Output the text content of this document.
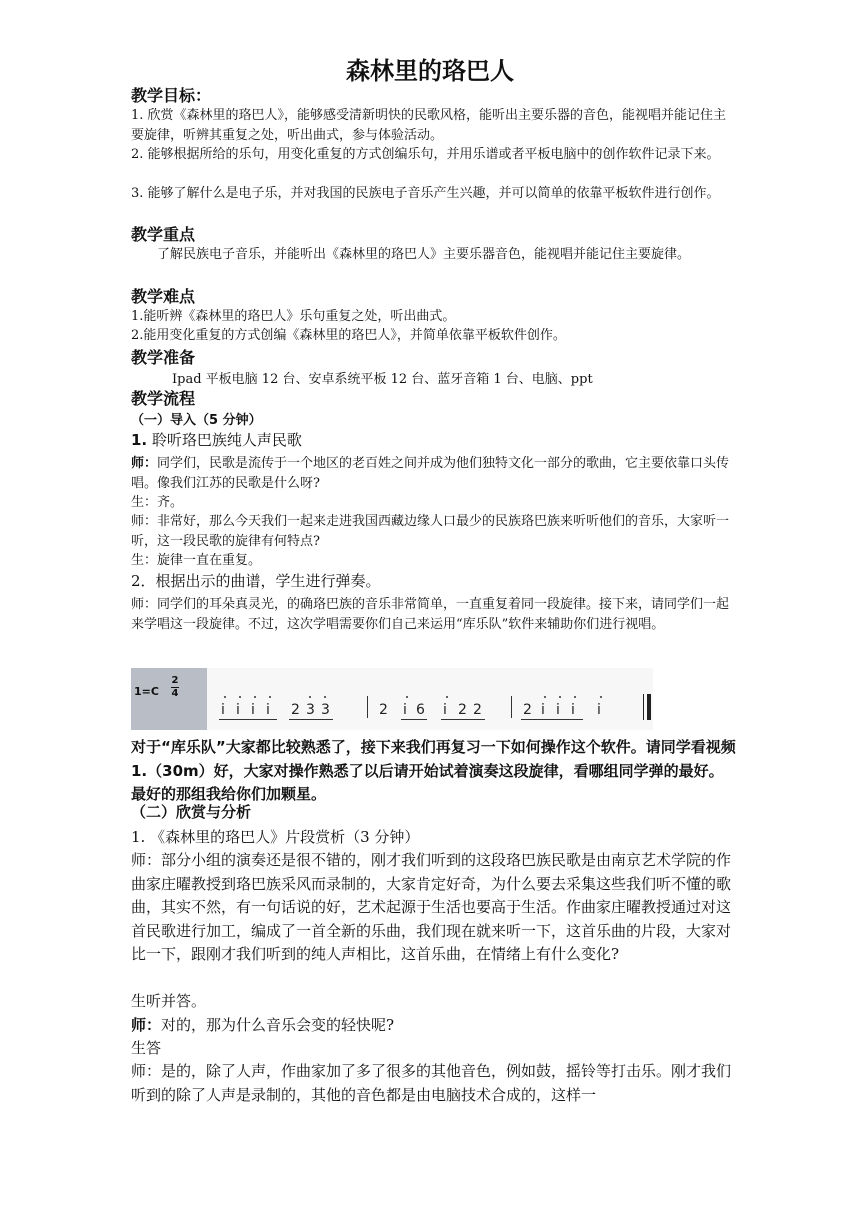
森林里的珞巴人
教学目标：

1. 欣赏《森林里的珞巴人》，能够感受清新明快的民歌风格，能听出主要乐器的音色，能视唱并能记住主要旋律，听辨其重复之处，听出曲式，参与体验活动。

2. 能够根据所给的乐句，用变化重复的方式创编乐句，并用乐谱或者平板电脑中的创作软件记录下来。

3. 能够了解什么是电子乐，并对我国的民族电子音乐产生兴趣，并可以简单的依靠平板软件进行创作。

教学重点

了解民族电子音乐，并能听出《森林里的珞巴人》主要乐器音色，能视唱并能记住主要旋律。

教学难点

1.能听辨《森林里的珞巴人》乐句重复之处，听出曲式。

2.能用变化重复的方式创编《森林里的珞巴人》，并简单依靠平板软件创作。

教学准备

Ipad 平板电脑 12 台、安卓系统平板 12 台、蓝牙音箱 1 台、电脑、ppt

教学流程

（一）导入（5 分钟）

1. 聆听珞巴族纯人声民歌

师：同学们，民歌是流传于一个地区的老百姓之间并成为他们独特文化一部分的歌曲，它主要依靠口头传唱。像我们江苏的民歌是什么呀?

生：齐。

师：非常好，那么今天我们一起来走进我国西藏边缘人口最少的民族珞巴族来听听他们的音乐，大家听一听，这一段民歌的旋律有何特点?

生：旋律一直在重复。

2．根据出示的曲谱，学生进行弹奏。

师：同学们的耳朵真灵光，的确珞巴族的音乐非常简单，一直重复着同一段旋律。接下来，请同学们一起来学唱这一段旋律。不过，这次学唱需要你们自己来运用“库乐队”软件来辅助你们进行视唱。

1=C
2
4
i i i i 2 3 3	2 i 6 i 2 2	2 i i i i

对于“库乐队”大家都比较熟悉了，接下来我们再复习一下如何操作这个软件。请同学看视频 1.（30m）好，大家对操作熟悉了以后请开始试着演奏这段旋律，看哪组同学弹的最好。最好的那组我给你们加颗星。

（二）欣赏与分析

1. 《森林里的珞巴人》片段赏析（3 分钟）

师：部分小组的演奏还是很不错的，刚才我们听到的这段珞巴族民歌是由南京艺术学院的作曲家庄曜教授到珞巴族采风而录制的，大家肯定好奇，为什么要去采集这些我们听不懂的歌曲，其实不然，有一句话说的好，艺术起源于生活也要高于生活。作曲家庄曜教授通过对这首民歌进行加工，编成了一首全新的乐曲，我们现在就来听一下，这首乐曲的片段，大家对比一下，跟刚才我们听到的纯人声相比，这首乐曲，在情绪上有什么变化?

生听并答。

师：对的，那为什么音乐会变的轻快呢?

生答

师：是的，除了人声，作曲家加了多了很多的其他音色，例如鼓，摇铃等打击乐。刚才我们听到的除了人声是录制的，其他的音色都是由电脑技术合成的，这样一
